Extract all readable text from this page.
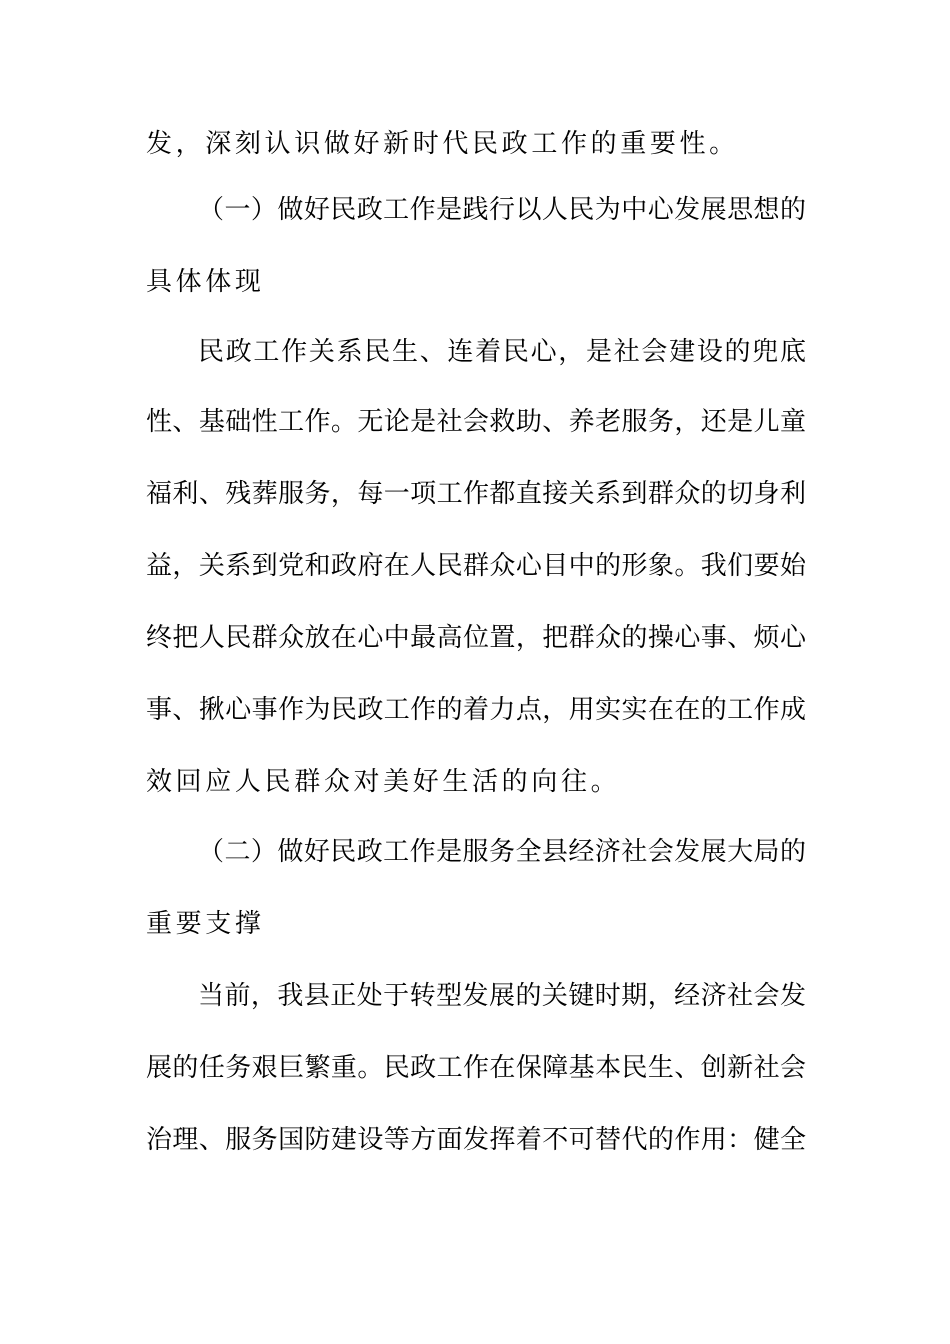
发，深刻认识做好新时代民政工作的重要性。
（一）做好民政工作是践行以人民为中心发展思想的
具体体现
民政工作关系民生、连着民心，是社会建设的兜底
性、基础性工作。无论是社会救助、养老服务，还是儿童
福利、残葬服务，每一项工作都直接关系到群众的切身利
益，关系到党和政府在人民群众心目中的形象。我们要始
终把人民群众放在心中最高位置，把群众的操心事、烦心
事、揪心事作为民政工作的着力点，用实实在在的工作成
效回应人民群众对美好生活的向往。
（二）做好民政工作是服务全县经济社会发展大局的
重要支撑
当前，我县正处于转型发展的关键时期，经济社会发
展的任务艰巨繁重。民政工作在保障基本民生、创新社会
治理、服务国防建设等方面发挥着不可替代的作用：健全
